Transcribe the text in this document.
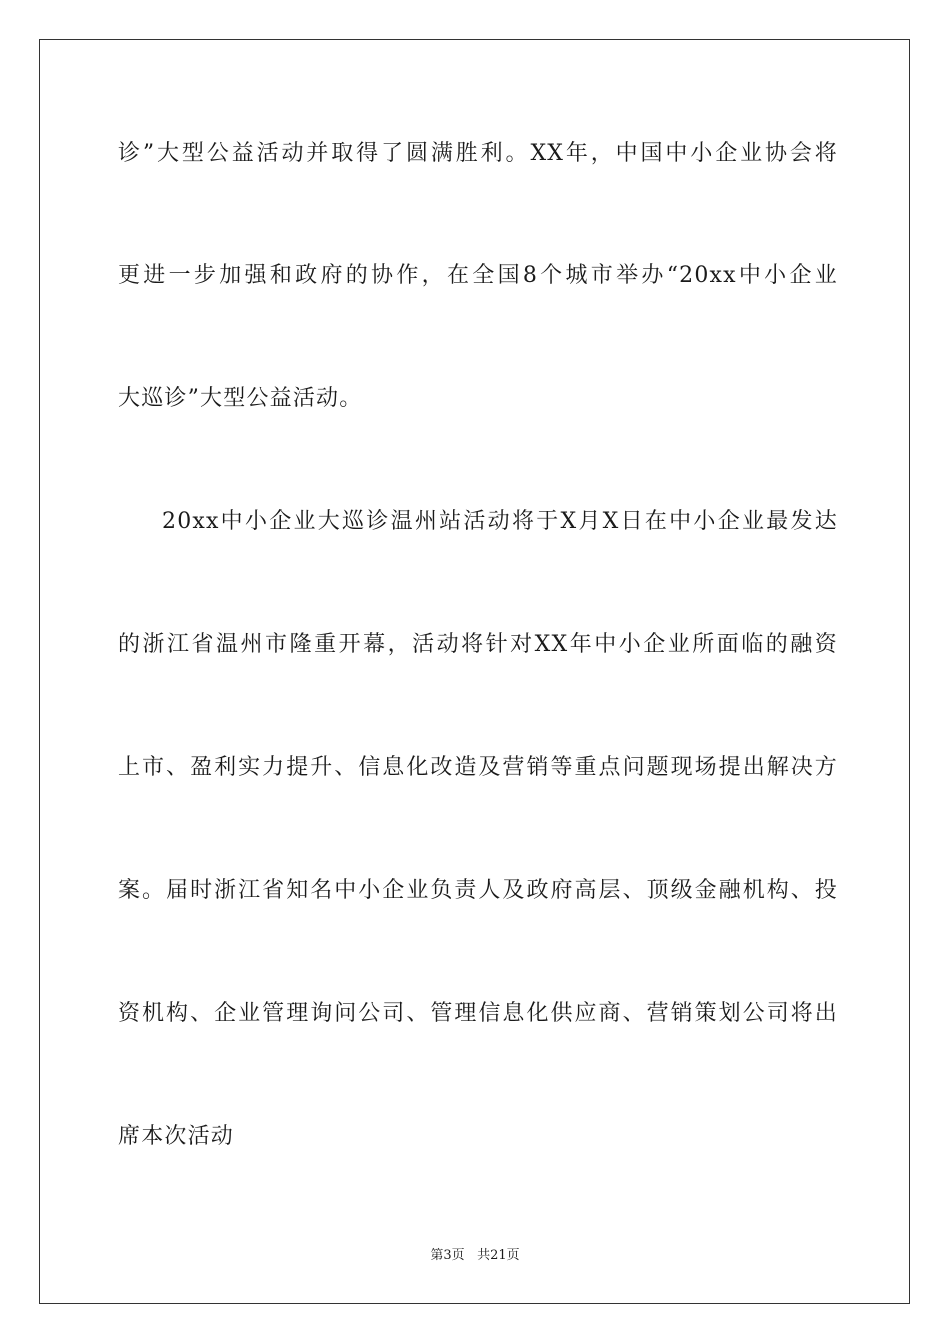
诊”大型公益活动并取得了圆满胜利。XX年，中国中小企业协会将
更进一步加强和政府的协作，在全国8个城市举办“20xx中小企业
大巡诊”大型公益活动。
20xx中小企业大巡诊温州站活动将于X月X日在中小企业最发达
的浙江省温州市隆重开幕，活动将针对XX年中小企业所面临的融资
上市、盈利实力提升、信息化改造及营销等重点问题现场提出解决方
案。届时浙江省知名中小企业负责人及政府高层、顶级金融机构、投
资机构、企业管理询问公司、管理信息化供应商、营销策划公司将出
席本次活动
第3页 共21页
